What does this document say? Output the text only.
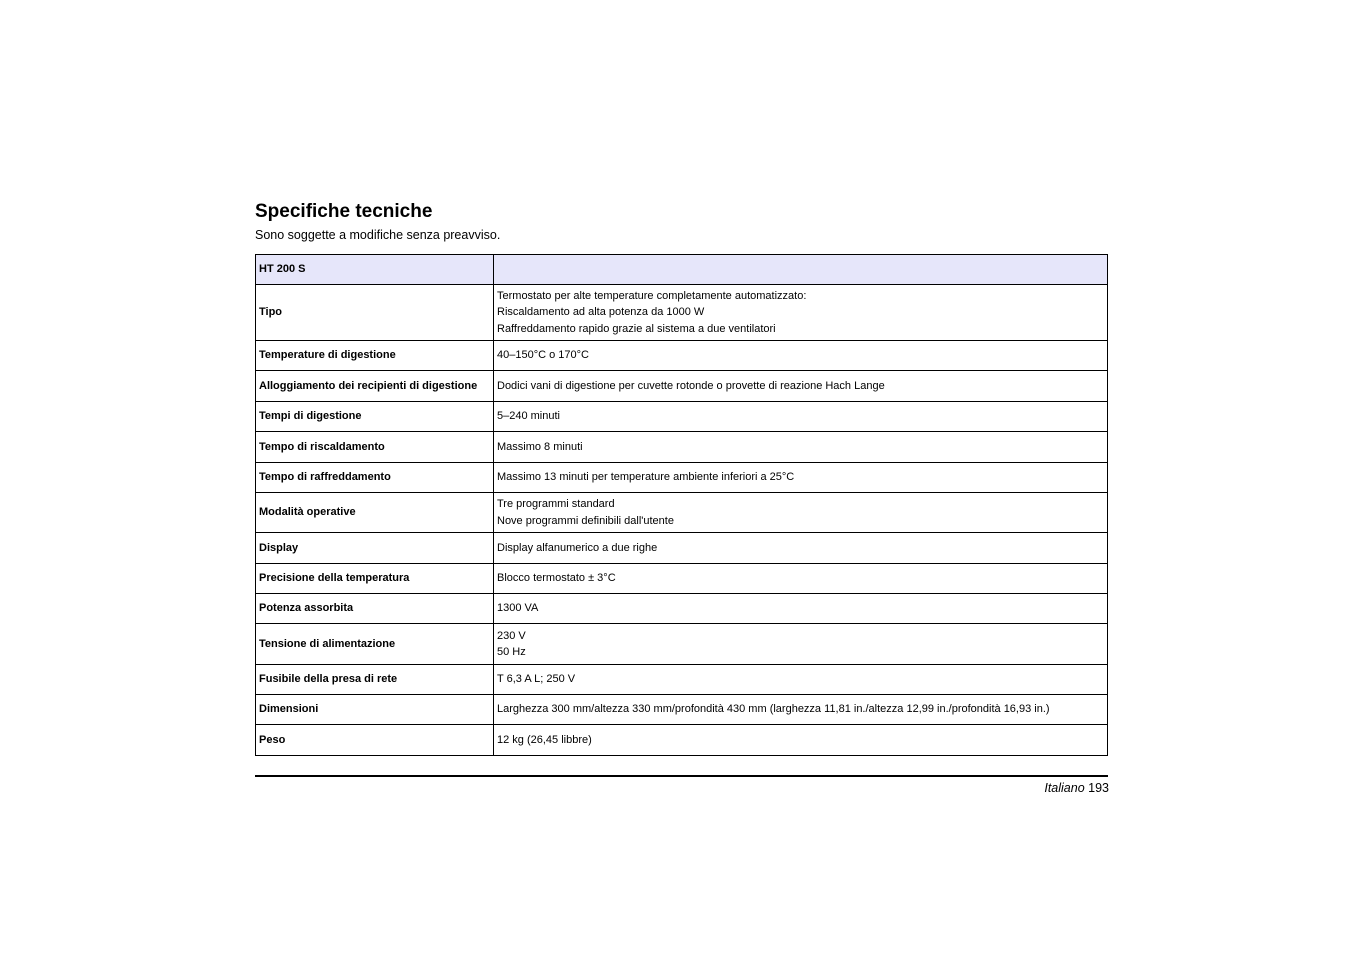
Specifiche tecniche

Sono soggette a modifiche senza preavviso.

HT 200 S	
Tipo	Termostato per alte temperature completamente automatizzato:
Riscaldamento ad alta potenza da 1000 W
Raffreddamento rapido grazie al sistema a due ventilatori

Temperature di digestione	40–150°C o 170°C

Alloggiamento dei recipienti di digestione	Dodici vani di digestione per cuvette rotonde o provette di reazione Hach Lange

Tempi di digestione	5–240 minuti

Tempo di riscaldamento	Massimo 8 minuti

Tempo di raffreddamento	Massimo 13 minuti per temperature ambiente inferiori a 25°C

Modalità operative	Tre programmi standard
Nove programmi definibili dall'utente

Display	Display alfanumerico a due righe

Precisione della temperatura	Blocco termostato ± 3°C

Potenza assorbita	1300 VA

Tensione di alimentazione	230 V
50 Hz

Fusibile della presa di rete	T 6,3 A L; 250 V

Dimensioni	Larghezza 300 mm/altezza 330 mm/profondità 430 mm (larghezza 11,81 in./altezza 12,99 in./profondità 16,93 in.)

Peso	12 kg (26,45 libbre)
Italiano 193
